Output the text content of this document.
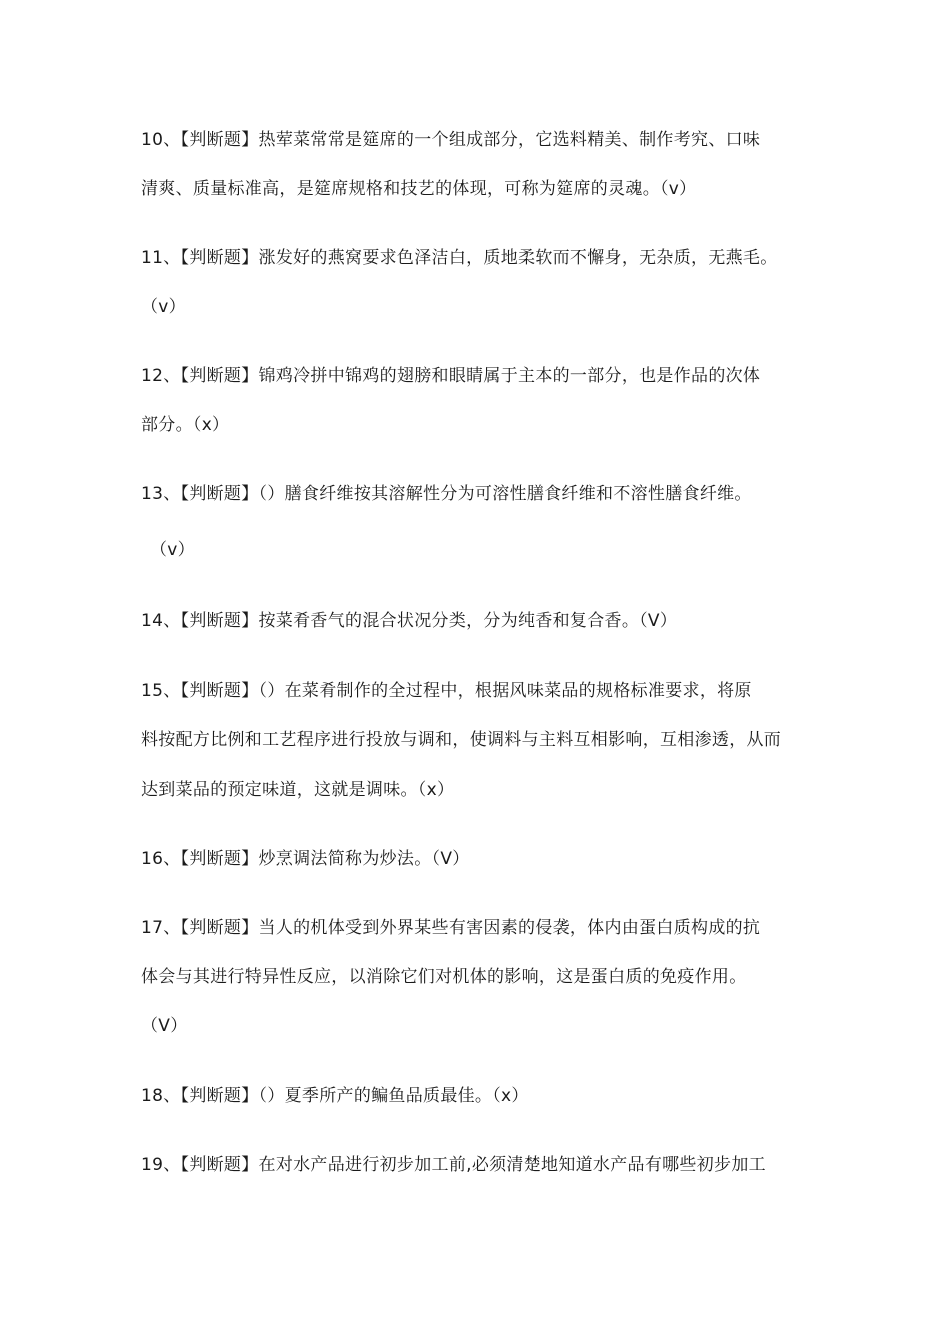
10、【判断题】热荤菜常常是筵席的一个组成部分，它选料精美、制作考究、口味
清爽、质量标准高，是筵席规格和技艺的体现，可称为筵席的灵魂。（v）
11、【判断题】涨发好的燕窝要求色泽洁白，质地柔软而不懈身，无杂质，无燕毛。
（v）
12、【判断题】锦鸡冷拼中锦鸡的翅膀和眼睛属于主本的一部分，也是作品的次体
部分。（x）
13、【判断题】（）膳食纤维按其溶解性分为可溶性膳食纤维和不溶性膳食纤维。
（v）
14、【判断题】按菜肴香气的混合状况分类，分为纯香和复合香。（V）
15、【判断题】（）在菜肴制作的全过程中，根据风味菜品的规格标准要求，将原
料按配方比例和工艺程序进行投放与调和，使调料与主料互相影响，互相渗透，从而
达到菜品的预定味道，这就是调味。（x）
16、【判断题】炒烹调法简称为炒法。（V）
17、【判断题】当人的机体受到外界某些有害因素的侵袭，体内由蛋白质构成的抗
体会与其进行特异性反应，以消除它们对机体的影响，这是蛋白质的免疫作用。
（V）
18、【判断题】（）夏季所产的鳊鱼品质最佳。（x）
19、【判断题】在对水产品进行初步加工前,必须清楚地知道水产品有哪些初步加工
